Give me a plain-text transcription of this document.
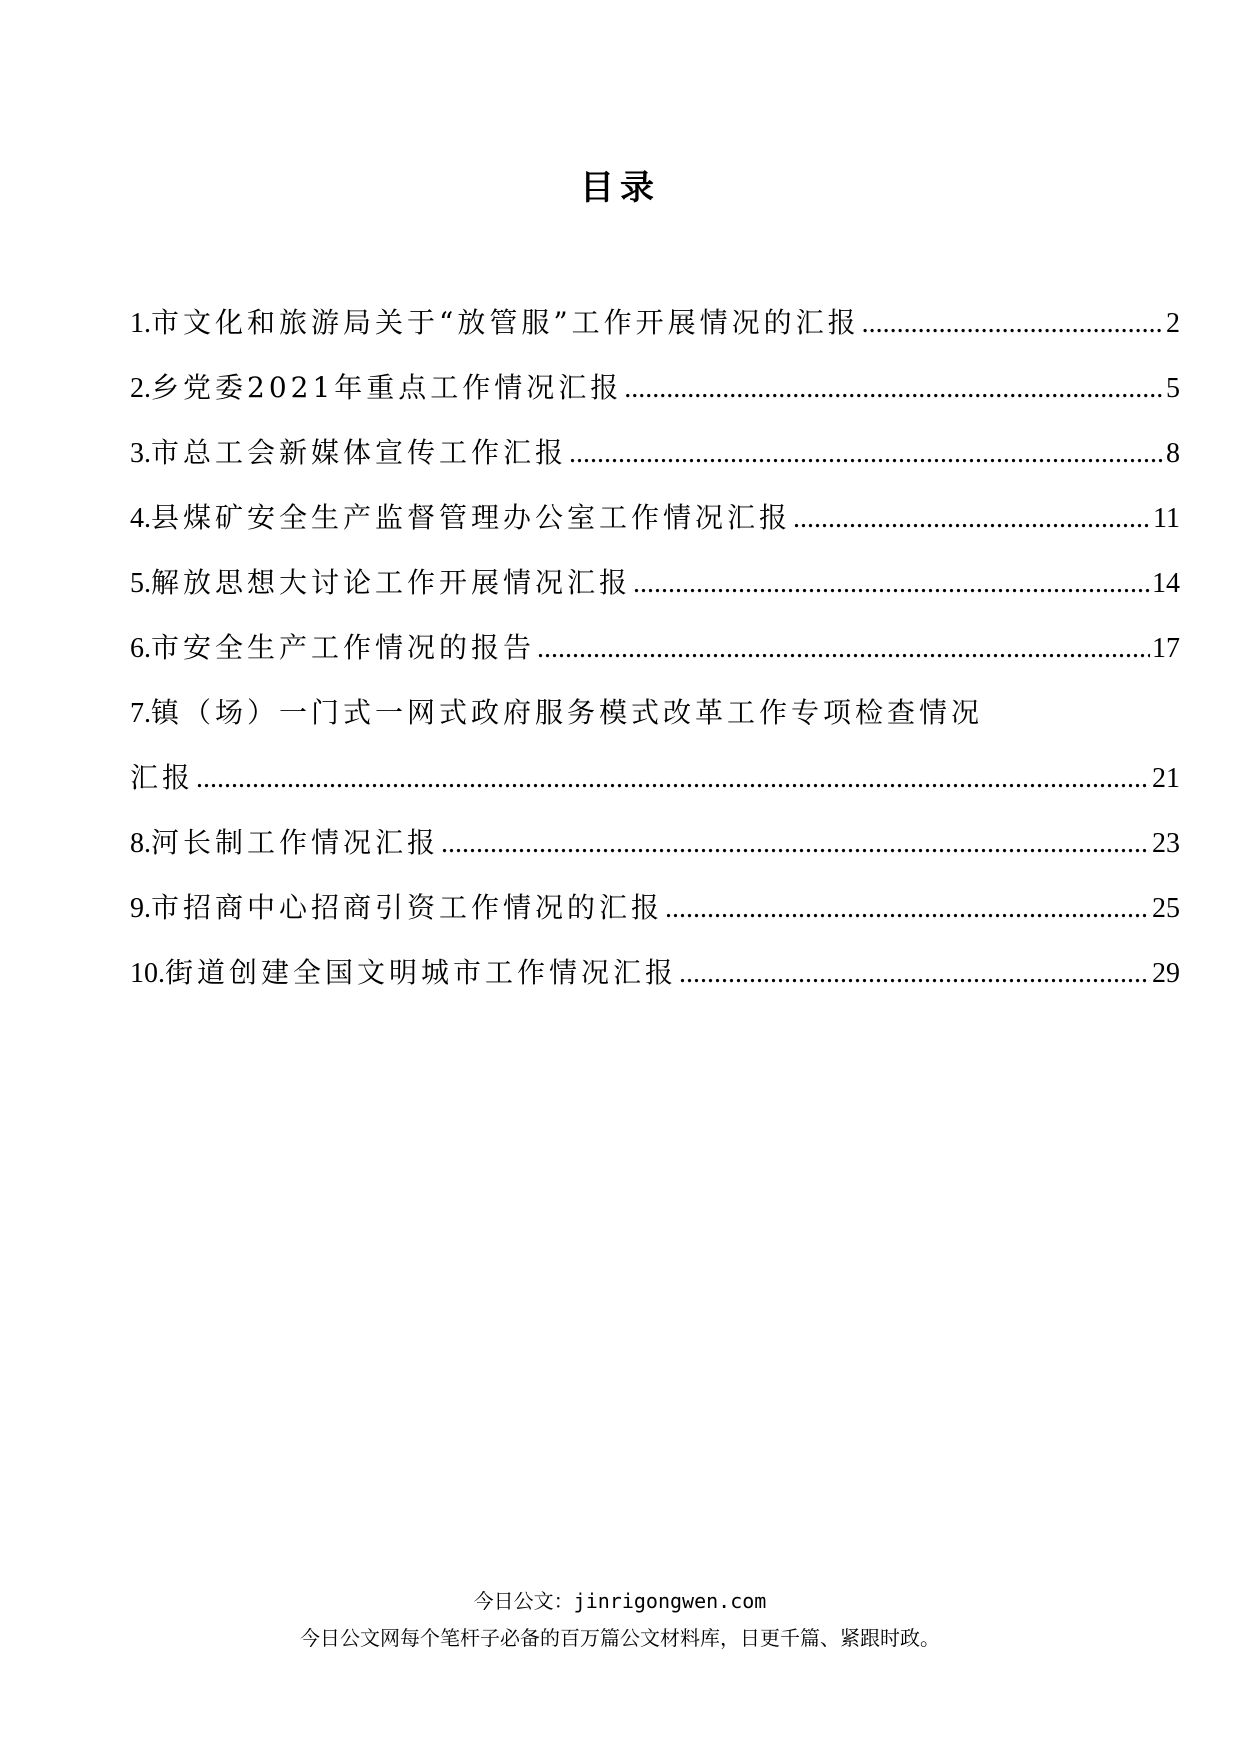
目录
1.市文化和旅游局关于“放管服”工作开展情况的汇报 .....	2
2.乡党委2021年重点工作情况汇报 .....	5
3.市总工会新媒体宣传工作汇报 .....	8
4.县煤矿安全生产监督管理办公室工作情况汇报 .....	11
5.解放思想大讨论工作开展情况汇报 .....	14
6.市安全生产工作情况的报告 .....	17
7.镇（场）一门式一网式政府服务模式改革工作专项检查情况
汇报 .....	21
8.河长制工作情况汇报 .....	23
9.市招商中心招商引资工作情况的汇报 .....	25
10.街道创建全国文明城市工作情况汇报 .....	29
今日公文：jinrigongwen.com
今日公文网每个笔杆子必备的百万篇公文材料库，日更千篇、紧跟时政。
